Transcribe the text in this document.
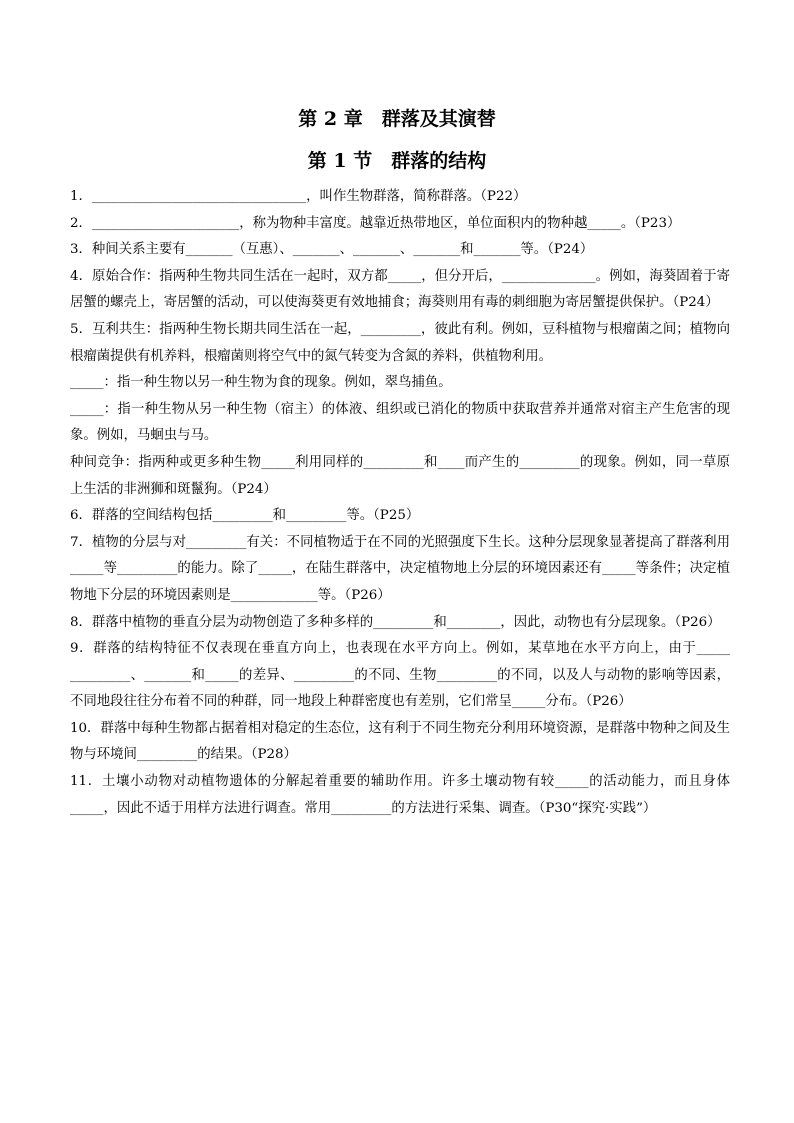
第 2 章　群落及其演替
第 1 节　群落的结构

1．________________________________，叫作生物群落，简称群落。（P22）

2．______________________，称为物种丰富度。越靠近热带地区，单位面积内的物种越_____。（P23）

3．种间关系主要有_______（互惠）、_______、_______、_______和_______等。（P24）

4．原始合作：指两种生物共同生活在一起时，双方都_____，但分开后，______________。例如，海葵固着于寄居蟹的螺壳上，寄居蟹的活动，可以使海葵更有效地捕食；海葵则用有毒的刺细胞为寄居蟹提供保护。（P24）

5．互利共生：指两种生物长期共同生活在一起，_________，彼此有利。例如，豆科植物与根瘤菌之间；植物向根瘤菌提供有机养料，根瘤菌则将空气中的氮气转变为含氮的养料，供植物利用。

_____：指一种生物以另一种生物为食的现象。例如，翠鸟捕鱼。

_____：指一种生物从另一种生物（宿主）的体液、组织或已消化的物质中获取营养并通常对宿主产生危害的现象。例如，马蛔虫与马。

种间竞争：指两种或更多种生物_____利用同样的_________和____而产生的_________的现象。例如，同一草原上生活的非洲狮和斑鬣狗。（P24）

6．群落的空间结构包括_________和_________等。（P25）

7．植物的分层与对_________有关：不同植物适于在不同的光照强度下生长。这种分层现象显著提高了群落利用_____等_________的能力。除了_____，在陆生群落中，决定植物地上分层的环境因素还有_____等条件；决定植物地下分层的环境因素则是_____________等。（P26）

8．群落中植物的垂直分层为动物创造了多种多样的_________和________，因此，动物也有分层现象。（P26）

9．群落的结构特征不仅表现在垂直方向上，也表现在水平方向上。例如，某草地在水平方向上，由于_____ _________、_______和_____的差异、_________的不同、生物_________的不同，以及人与动物的影响等因素，不同地段往往分布着不同的种群，同一地段上种群密度也有差别，它们常呈_____分布。（P26）

10．群落中每种生物都占据着相对稳定的生态位，这有利于不同生物充分利用环境资源，是群落中物种之间及生物与环境间_________的结果。（P28）

11．土壤小动物对动植物遗体的分解起着重要的辅助作用。许多土壤动物有较_____的活动能力，而且身体_____，因此不适于用样方法进行调查。常用_________的方法进行采集、调查。（P30“探究·实践”）
